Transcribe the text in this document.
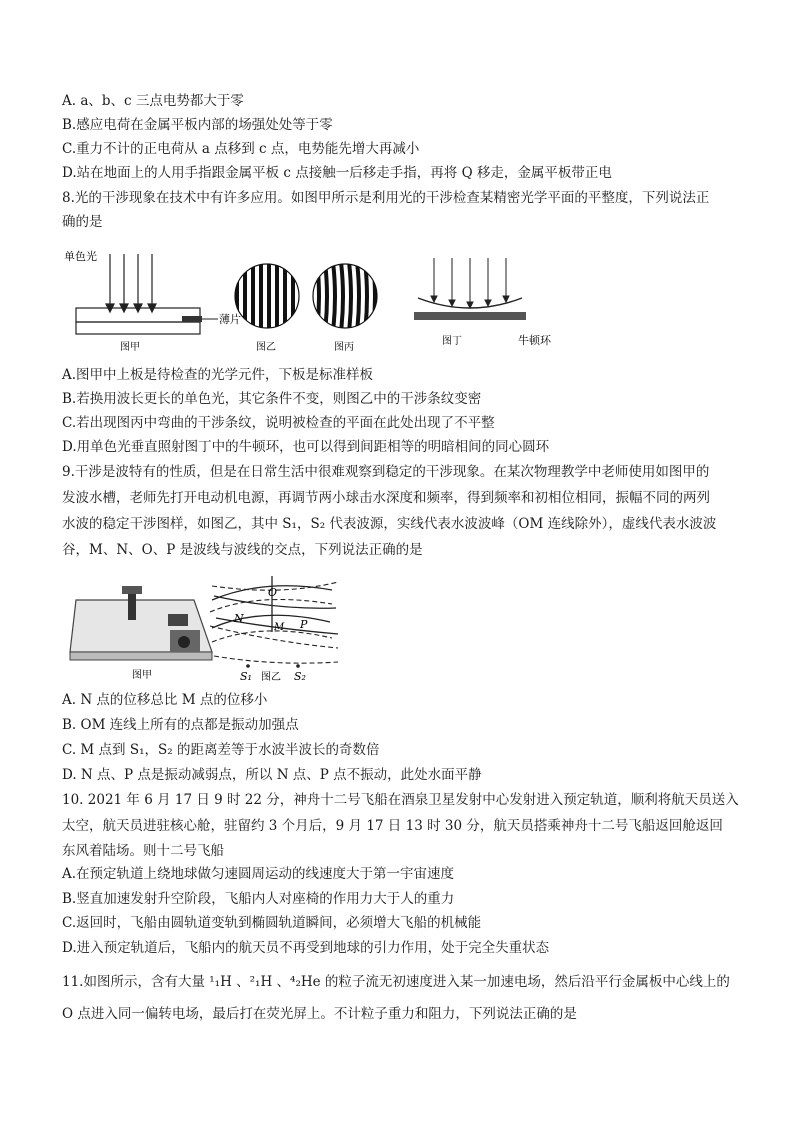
A. a、b、c 三点电势都大于零
B.感应电荷在金属平板内部的场强处处等于零
C.重力不计的正电荷从 a 点移到 c 点，电势能先增大再减小
D.站在地面上的人用手指跟金属平板 c 点接触一后移走手指，再将 Q 移走，金属平板带正电
8.光的干涉现象在技术中有许多应用。如图甲所示是利用光的干涉检查某精密光学平面的平整度，下列说法正
确的是
单色光
薄片
图甲	图乙	图丙
图丁	牛顿环
A.图甲中上板是待检查的光学元件，下板是标准样板
B.若换用波长更长的单色光，其它条件不变，则图乙中的干涉条纹变密
C.若出现图丙中弯曲的干涉条纹，说明被检查的平面在此处出现了不平整
D.用单色光垂直照射图丁中的牛顿环，也可以得到间距相等的明暗相间的同心圆环
9.干涉是波特有的性质，但是在日常生活中很难观察到稳定的干涉现象。在某次物理教学中老师使用如图甲的
发波水槽，老师先打开电动机电源，再调节两小球击水深度和频率，得到频率和初相位相同，振幅不同的两列
水波的稳定干涉图样，如图乙，其中 S₁，S₂ 代表波源，实线代表水波波峰（OM 连线除外），虚线代表水波波
谷，M、N、O、P 是波线与波线的交点，下列说法正确的是
图甲
O
N
M P
S₁	S₂
图乙
A. N 点的位移总比 M 点的位移小
B. OM 连线上所有的点都是振动加强点
C. M 点到 S₁，S₂ 的距离差等于水波半波长的奇数倍
D. N 点、P 点是振动减弱点，所以 N 点、P 点不振动，此处水面平静
10. 2021 年 6 月 17 日 9 时 22 分，神舟十二号飞船在酒泉卫星发射中心发射进入预定轨道，顺利将航天员送入
太空，航天员进驻核心舱，驻留约 3 个月后，9 月 17 日 13 时 30 分，航天员搭乘神舟十二号飞船返回舱返回
东风着陆场。则十二号飞船
A.在预定轨道上绕地球做匀速圆周运动的线速度大于第一宇宙速度
B.竖直加速发射升空阶段，飞船内人对座椅的作用力大于人的重力
C.返回时，飞船由圆轨道变轨到椭圆轨道瞬间，必须增大飞船的机械能
D.进入预定轨道后，飞船内的航天员不再受到地球的引力作用，处于完全失重状态
11.如图所示，含有大量 ¹₁H 、²₁H 、⁴₂He 的粒子流无初速度进入某一加速电场，然后沿平行金属板中心线上的
O 点进入同一偏转电场，最后打在荧光屏上。不计粒子重力和阻力，下列说法正确的是
